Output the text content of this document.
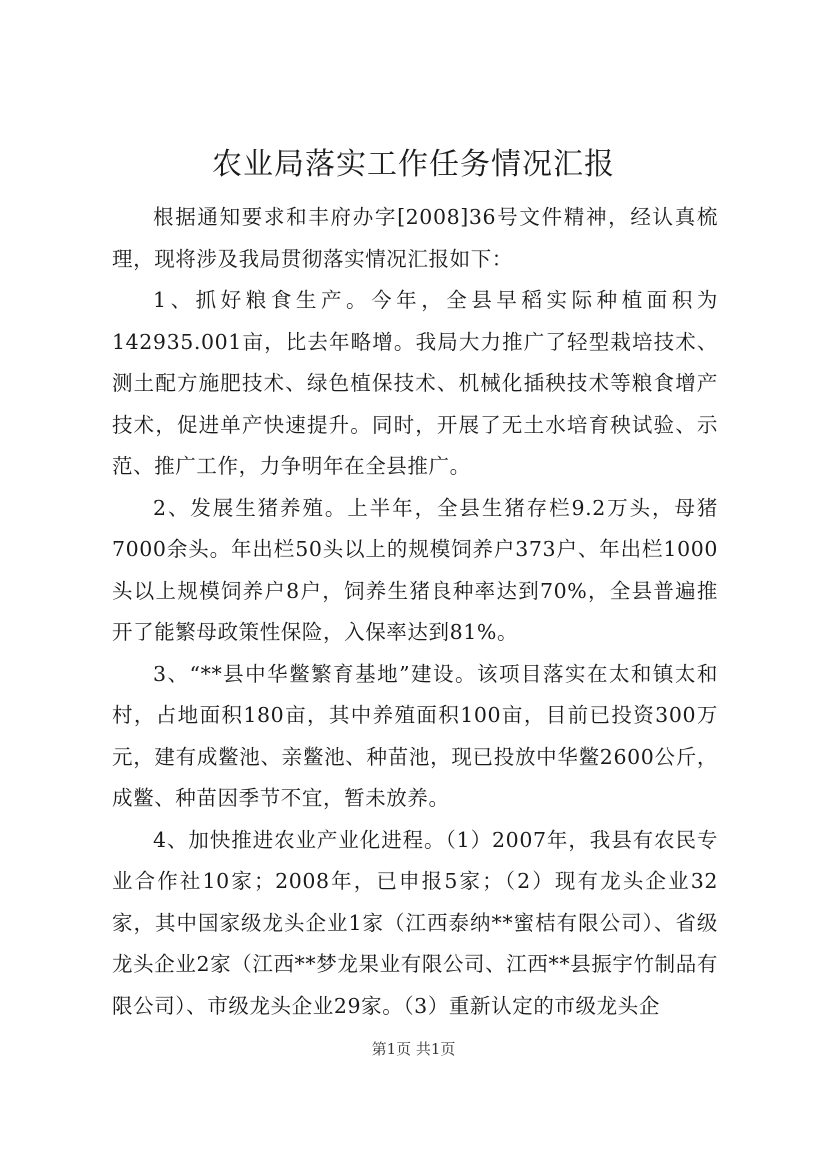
农业局落实工作任务情况汇报

根据通知要求和丰府办字[2008]36号文件精神，经认真梳理，现将涉及我局贯彻落实情况汇报如下：

1、抓好粮食生产。今年，全县早稻实际种植面积为142935.001亩，比去年略增。我局大力推广了轻型栽培技术、测土配方施肥技术、绿色植保技术、机械化插秧技术等粮食增产技术，促进单产快速提升。同时，开展了无土水培育秧试验、示范、推广工作，力争明年在全县推广。

2、发展生猪养殖。上半年，全县生猪存栏9.2万头，母猪7000余头。年出栏50头以上的规模饲养户373户、年出栏1000头以上规模饲养户8户，饲养生猪良种率达到70%，全县普遍推开了能繁母政策性保险，入保率达到81%。

3、“**县中华鳖繁育基地”建设。该项目落实在太和镇太和村，占地面积180亩，其中养殖面积100亩，目前已投资300万元，建有成鳖池、亲鳖池、种苗池，现已投放中华鳖2600公斤，成鳖、种苗因季节不宜，暂未放养。

4、加快推进农业产业化进程。（1）2007年，我县有农民专业合作社10家；2008年，已申报5家；（2）现有龙头企业32家，其中国家级龙头企业1家（江西泰纳**蜜桔有限公司）、省级龙头企业2家（江西**梦龙果业有限公司、江西**县振宇竹制品有限公司）、市级龙头企业29家。（3）重新认定的市级龙头企

第1页 共1页
